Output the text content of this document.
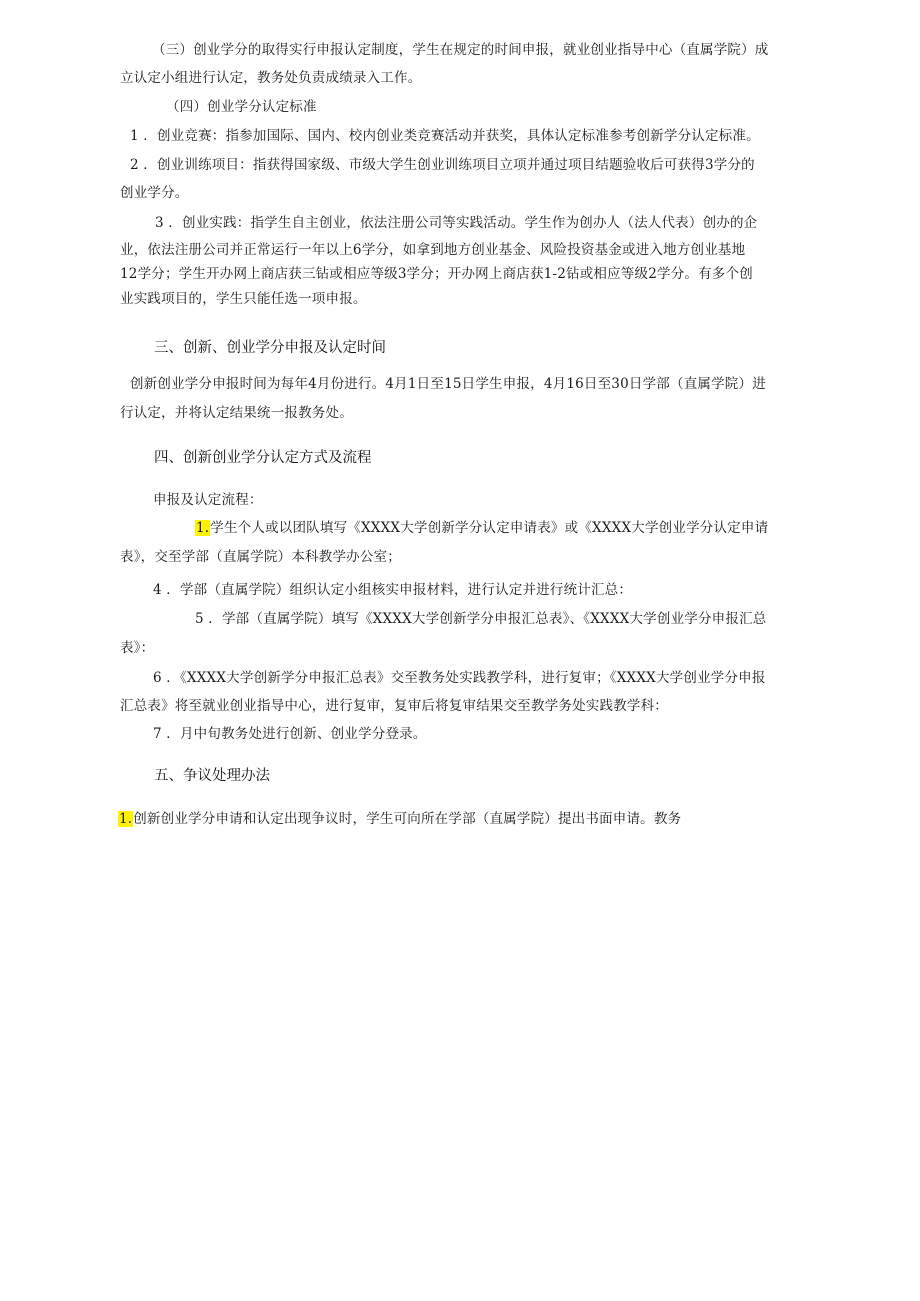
（三）创业学分的取得实行申报认定制度，学生在规定的时间申报，就业创业指导中心（直属学院）成
立认定小组进行认定，教务处负责成绩录入工作。
（四）创业学分认定标准
1 ．创业竞赛：指参加国际、国内、校内创业类竞赛活动并获奖，具体认定标准参考创新学分认定标准。
2 ．创业训练项目：指获得国家级、市级大学生创业训练项目立项并通过项目结题验收后可获得3学分的
创业学分。
3 ．创业实践：指学生自主创业，依法注册公司等实践活动。学生作为创办人（法人代表）创办的企
业，依法注册公司并正常运行一年以上6学分，如拿到地方创业基金、风险投资基金或进入地方创业基地
12学分；学生开办网上商店获三钻或相应等级3学分；开办网上商店获1-2钻或相应等级2学分。有多个创
业实践项目的，学生只能任选一项申报。
三、创新、创业学分申报及认定时间
创新创业学分申报时间为每年4月份进行。4月1日至15日学生申报，4月16日至30日学部（直属学院）进
行认定，并将认定结果统一报教务处。
四、创新创业学分认定方式及流程
申报及认定流程：
1.学生个人或以团队填写《XXXX大学创新学分认定申请表》或《XXXX大学创业学分认定申请
表》，交至学部（直属学院）本科教学办公室；
4 ．学部（直属学院）组织认定小组核实申报材料，进行认定并进行统计汇总：
5 ．学部（直属学院）填写《XXXX大学创新学分申报汇总表》、《XXXX大学创业学分申报汇总
表》：
6 ．《XXXX大学创新学分申报汇总表》交至教务处实践教学科，进行复审；《XXXX大学创业学分申报
汇总表》将至就业创业指导中心，进行复审，复审后将复审结果交至教学务处实践教学科：
7 ．月中旬教务处进行创新、创业学分登录。
五、争议处理办法
1.创新创业学分申请和认定出现争议时，学生可向所在学部（直属学院）提出书面申请。教务
